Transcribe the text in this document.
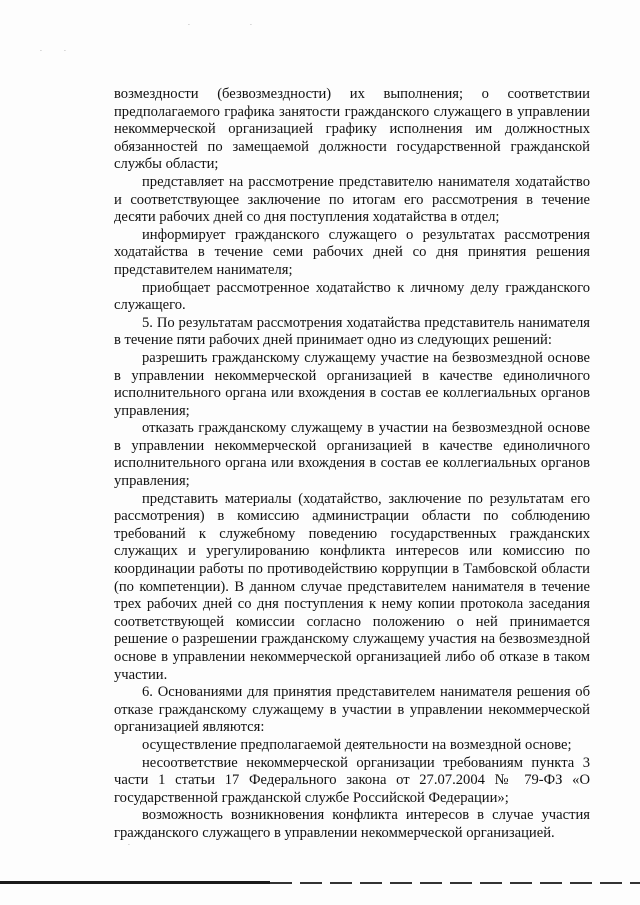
·	·
·	·
·

возмездности (безвозмездности) их выполнения; о соответствии предполагаемого графика занятости гражданского служащего в управлении некоммерческой организацией графику исполнения им должностных обязанностей по замещаемой должности государственной гражданской службы области;

представляет на рассмотрение представителю нанимателя ходатайство и соответствующее заключение по итогам его рассмотрения в течение десяти рабочих дней со дня поступления ходатайства в отдел;

информирует гражданского служащего о результатах рассмотрения ходатайства в течение семи рабочих дней со дня принятия решения представителем нанимателя;

приобщает рассмотренное ходатайство к личному делу гражданского служащего.

5. По результатам рассмотрения ходатайства представитель нанимателя в течение пяти рабочих дней принимает одно из следующих решений:

разрешить гражданскому служащему участие на безвозмездной основе в управлении некоммерческой организацией в качестве единоличного исполнительного органа или вхождения в состав ее коллегиальных органов управления;

отказать гражданскому служащему в участии на безвозмездной основе в управлении некоммерческой организацией в качестве единоличного исполнительного органа или вхождения в состав ее коллегиальных органов управления;

представить материалы (ходатайство, заключение по результатам его рассмотрения) в комиссию администрации области по соблюдению требований к служебному поведению государственных гражданских служащих и урегулированию конфликта интересов или комиссию по координации работы по противодействию коррупции в Тамбовской области (по компетенции). В данном случае представителем нанимателя в течение трех рабочих дней со дня поступления к нему копии протокола заседания соответствующей комиссии согласно положению о ней принимается решение о разрешении гражданскому служащему участия на безвозмездной основе в управлении некоммерческой организацией либо об отказе в таком участии.

6. Основаниями для принятия представителем нанимателя решения об отказе гражданскому служащему в участии в управлении некоммерческой организацией являются:

осуществление предполагаемой деятельности на возмездной основе;

несоответствие некоммерческой организации требованиям пункта 3 части 1 статьи 17 Федерального закона от 27.07.2004 № 79-ФЗ «О государственной гражданской службе Российской Федерации»;

возможность возникновения конфликта интересов в случае участия гражданского служащего в управлении некоммерческой организацией.
